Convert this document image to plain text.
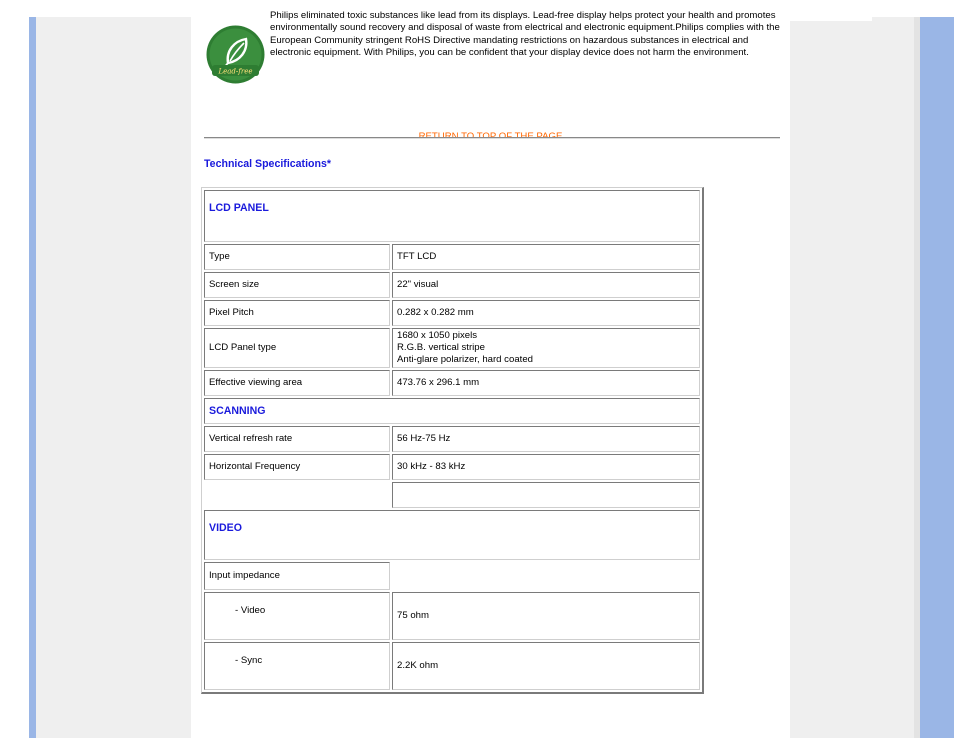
Lead-free
Philips eliminated toxic substances like lead from its displays. Lead-free display helps protect your health and promotes environmentally sound recovery and disposal of waste from electrical and electronic equipment.Philips complies with the European Community stringent RoHS Directive mandating restrictions on hazardous substances in electrical and electronic equipment. With Philips, you can be confident that your display device does not harm the environment.
Technical Specifications*
LCD PANEL	
Type	TFT LCD
Screen size	22" visual
Pixel Pitch	0.282 x 0.282 mm
LCD Panel type	1680 x 1050 pixels
R.G.B. vertical stripe
Anti-glare polarizer, hard coated

Effective viewing area	473.76 x 296.1 mm
SCANNING	
Vertical refresh rate	56 Hz-75 Hz
Horizontal Frequency	30 kHz - 83 kHz

VIDEO	
Input impedance	
- Video	75 ohm
- Sync	2.2K ohm
